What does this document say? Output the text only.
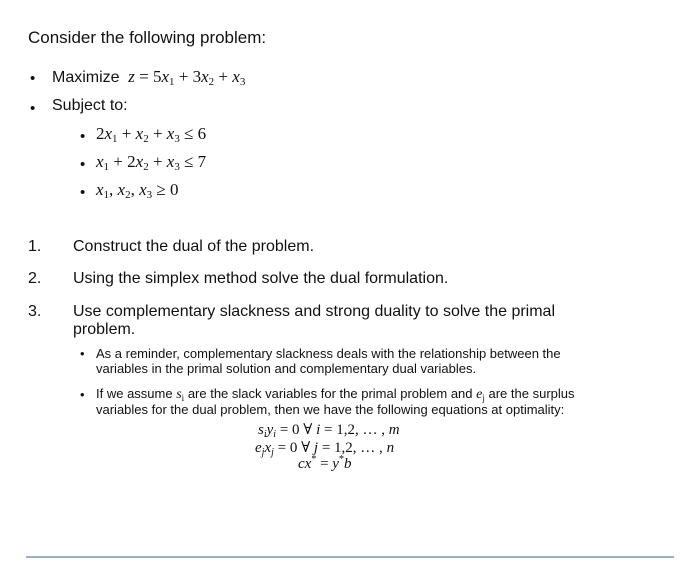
Consider the following problem:
• Maximize $z = 5x_1 + 3x_2 + x_3$
• Subject to:
• $2x_1 + x_2 + x_3 \le 6$
• $x_1 + 2x_2 + x_3 \le 7$
• $x_1$, $x_2$, $x_3 \ge 0$
1. Construct the dual of the problem.
2. Using the simplex method solve the dual formulation.
3. Use complementary slackness and strong duality to solve the primal
problem.
• As a reminder, complementary slackness deals with the relationship between the
variables in the primal solution and complementary dual variables.
• If we assume $s_i$ are the slack variables for the primal problem and $e_j$ are the surplus
variables for the dual problem, then we have the following equations at optimality:
$s_iy_i = 0$ ∀ i = 1,2, … , m
$e_jx_j = 0$ ∀ j = 1,2, … , n
cx* = y*b
